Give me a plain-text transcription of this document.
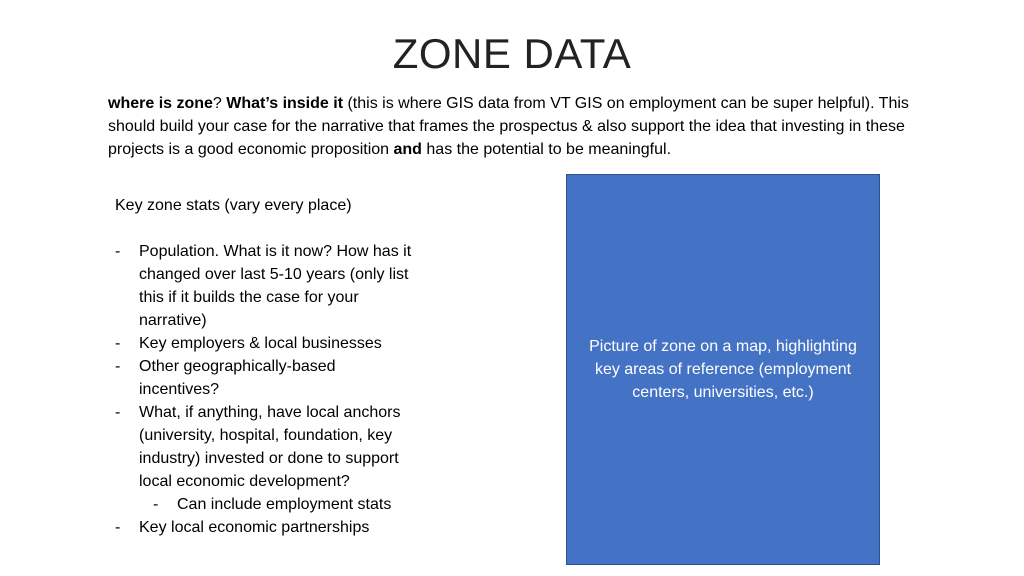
ZONE DATA
where is zone? What’s inside it (this is where GIS data from VT GIS on employment can be super helpful). This should build your case for the narrative that frames the prospectus & also support the idea that investing in these projects is a good economic proposition and has the potential to be meaningful.
Key zone stats (vary every place)
- Population. What is it now? How has it changed over last 5-10 years (only list this if it builds the case for your narrative)
- Key employers & local businesses
- Other geographically-based incentives?
- What, if anything, have local anchors (university, hospital, foundation, key industry) invested or done to support local economic development?
- Can include employment stats
- Key local economic partnerships
Picture of zone on a map, highlighting key areas of reference (employment centers, universities, etc.)
